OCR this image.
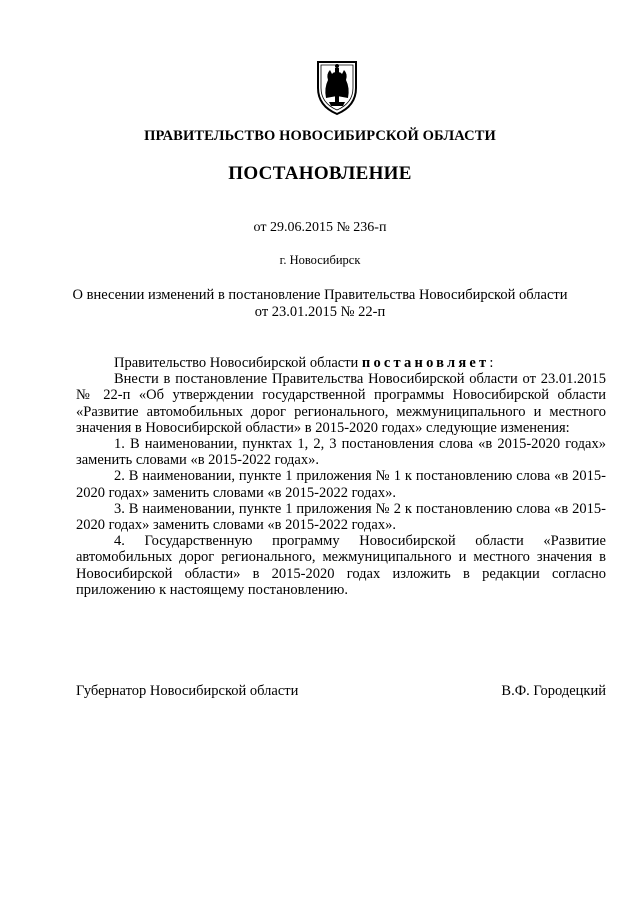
ПРАВИТЕЛЬСТВО НОВОСИБИРСКОЙ ОБЛАСТИ
ПОСТАНОВЛЕНИЕ
от 29.06.2015 № 236-п
г. Новосибирск
О внесении изменений в постановление Правительства Новосибирской области
от 23.01.2015 № 22-п

Правительство Новосибирской области постановляет:

Внести в постановление Правительства Новосибирской области от 23.01.2015 № 22-п «Об утверждении государственной программы Новосибирской области «Развитие автомобильных дорог регионального, межмуниципального и местного значения в Новосибирской области» в 2015-2020 годах» следующие изменения:

1. В наименовании, пунктах 1, 2, 3 постановления слова «в 2015-2020 годах» заменить словами «в 2015-2022 годах».

2. В наименовании, пункте 1 приложения № 1 к постановлению слова «в 2015-2020 годах» заменить словами «в 2015-2022 годах».

3. В наименовании, пункте 1 приложения № 2 к постановлению слова «в 2015-2020 годах» заменить словами «в 2015-2022 годах».

4. Государственную программу Новосибирской области «Развитие автомобильных дорог регионального, межмуниципального и местного значения в Новосибирской области» в 2015-2020 годах изложить в редакции согласно приложению к настоящему постановлению.

Губернатор Новосибирской области	В.Ф. Городецкий
